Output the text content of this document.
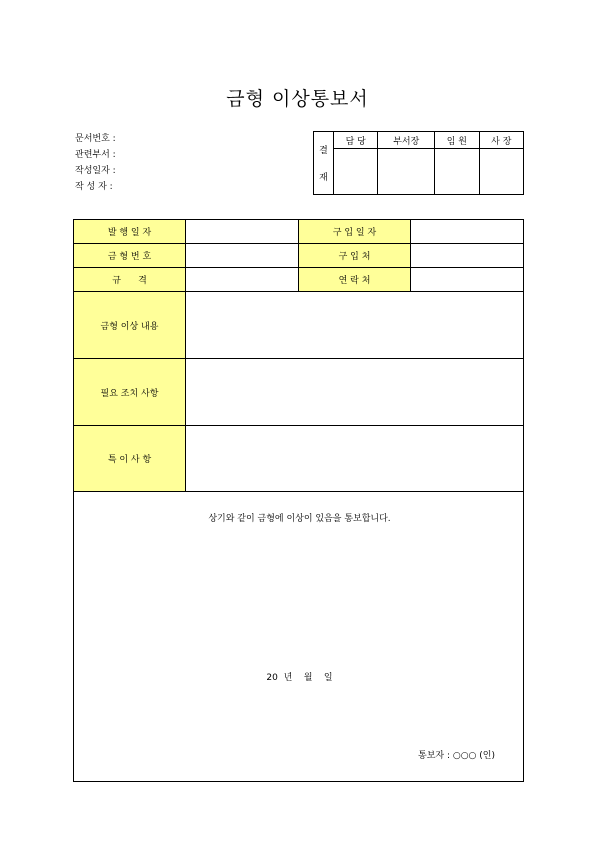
금형 이상통보서
문서번호 :
관련부서 :
작성일자 :
작 성 자 :
결
재	담 당	부서장	임 원	사 장

발 행 일 자		구 입 일 자	
금 형 번 호		구 입 처	
규      격		연 락 처	
금형 이상 내용			
필요 조치 사항			
특 이 사 항			

상기와 같이 금형에 이상이 있음을 통보합니다.
20  년    월    일
통보자 : ○○○ (인)			
